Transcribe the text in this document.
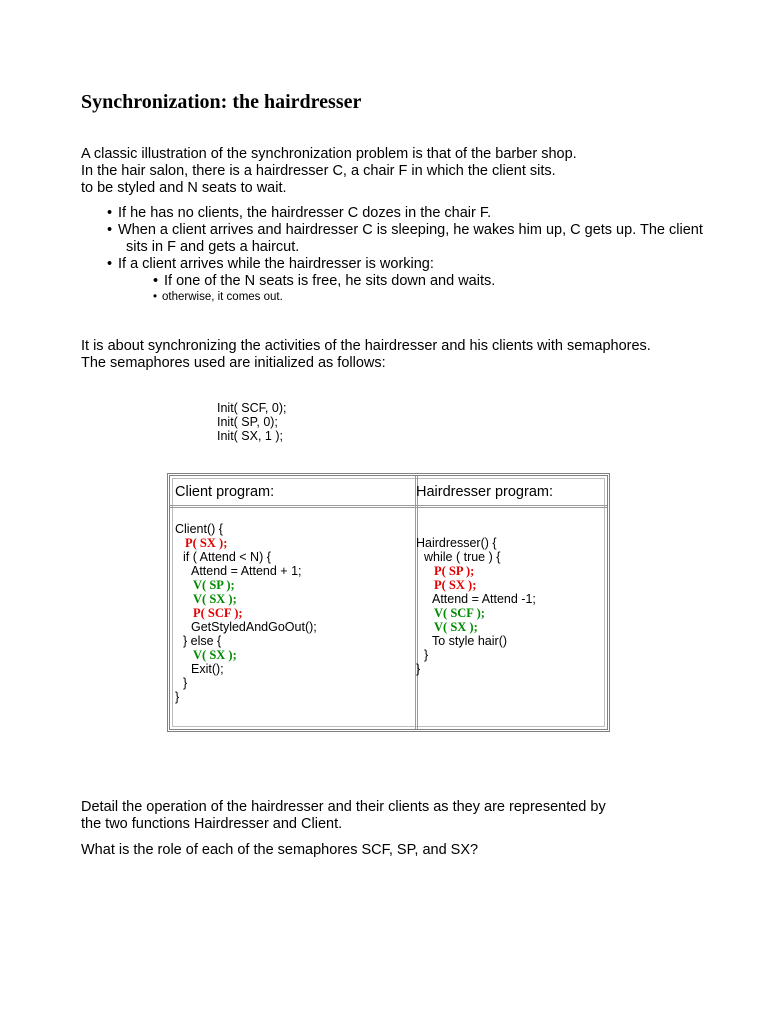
Synchronization: the hairdresser
A classic illustration of the synchronization problem is that of the barber shop.
In the hair salon, there is a hairdresser C, a chair F in which the client sits.
to be styled and N seats to wait.
• If he has no clients, the hairdresser C dozes in the chair F.
• When a client arrives and hairdresser C is sleeping, he wakes him up, C gets up. The client
sits in F and gets a haircut.
• If a client arrives while the hairdresser is working:
• If one of the N seats is free, he sits down and waits.
• otherwise, it comes out.
It is about synchronizing the activities of the hairdresser and his clients with semaphores.
The semaphores used are initialized as follows:
Init( SCF, 0);
Init( SP, 0);
Init( SX, 1 );
Client program:	Hairdresser program:
Client() {
P( SX );
if ( Attend < N) {
Attend = Attend + 1;
V( SP );
V( SX );
P( SCF );
GetStyledAndGoOut();
} else {
V( SX );
Exit();
}
}
Hairdresser() {
while ( true ) {
P( SP );
P( SX );
Attend = Attend -1;
V( SCF );
V( SX );
To style hair()
}
}
Detail the operation of the hairdresser and their clients as they are represented by
the two functions Hairdresser and Client.
What is the role of each of the semaphores SCF, SP, and SX?
